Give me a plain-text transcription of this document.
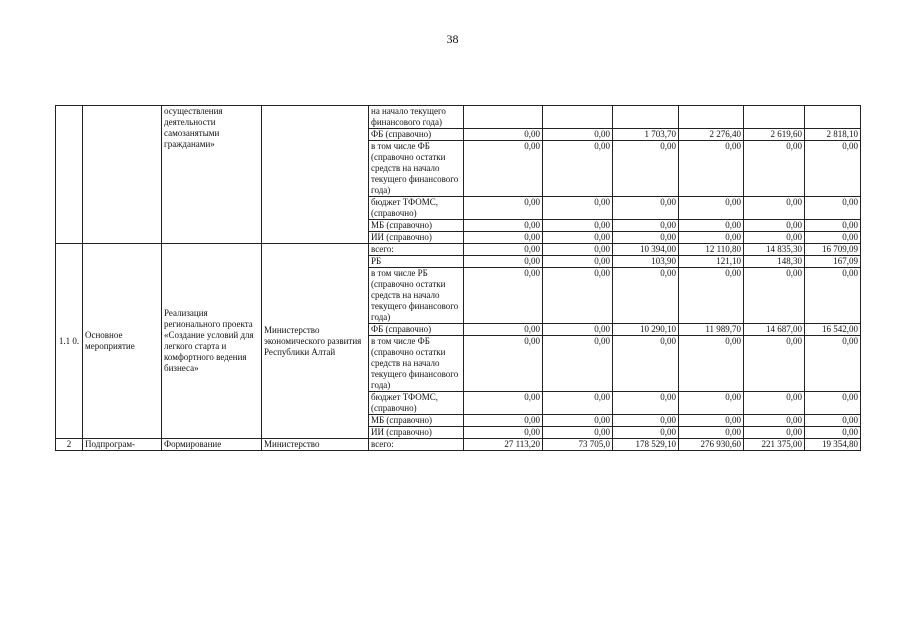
38
		осуществления деятельности самозанятыми гражданами»		на начало текущего финансового года)						
				ФБ (справочно)	0,00	0,00	1 703,70	2 276,40	2 619,60	2 818,10
				в том числе ФБ (справочно остатки средств на начало текущего финансового года)	0,00	0,00	0,00	0,00	0,00	0,00
				бюджет ТФОМС, (справочно)	0,00	0,00	0,00	0,00	0,00	0,00
				МБ (справочно)	0,00	0,00	0,00	0,00	0,00	0,00
				ИИ (справочно)	0,00	0,00	0,00	0,00	0,00	0,00
1.1 0.	Основное мероприятие	Реализация регионального проекта «Создание условий для легкого старта и комфортного ведения бизнеса»	Министерство экономического развития Республики Алтай	всего:	0,00	0,00	10 394,00	12 110,80	14 835,30	16 709,09
				РБ	0,00	0,00	103,90	121,10	148,30	167,09
				в том числе РБ (справочно остатки средств на начало текущего финансового года)	0,00	0,00	0,00	0,00	0,00	0,00
				ФБ (справочно)	0,00	0,00	10 290,10	11 989,70	14 687,00	16 542,00
				в том числе ФБ (справочно остатки средств на начало текущего финансового года)	0,00	0,00	0,00	0,00	0,00	0,00
				бюджет ТФОМС, (справочно)	0,00	0,00	0,00	0,00	0,00	0,00
				МБ (справочно)	0,00	0,00	0,00	0,00	0,00	0,00
				ИИ (справочно)	0,00	0,00	0,00	0,00	0,00	0,00
2	Подпрограм-	Формирование	Министерство	всего:	27 113,20	73 705,0	178 529,10	276 930,60	221 375,00	19 354,80
